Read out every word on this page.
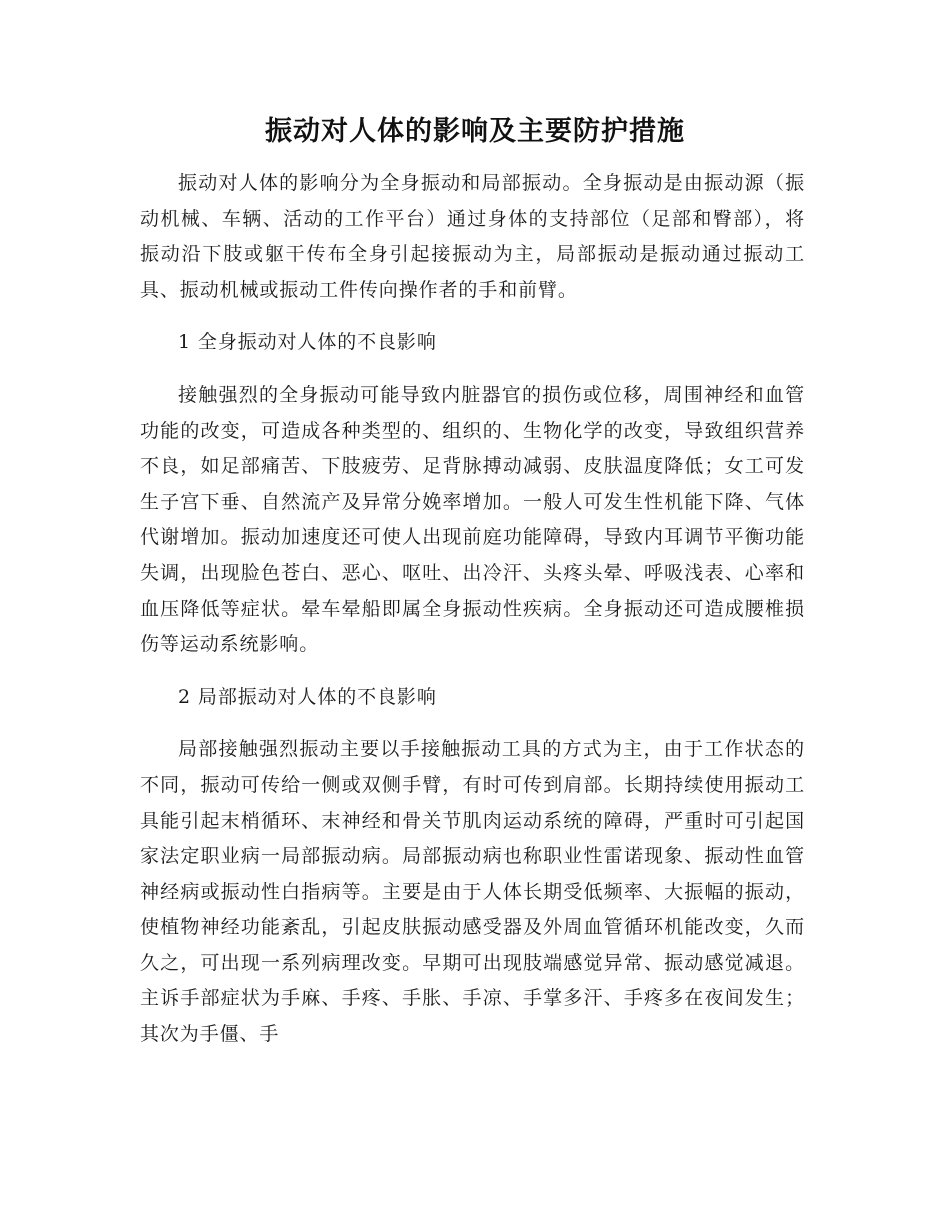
振动对人体的影响及主要防护措施

振动对人体的影响分为全身振动和局部振动。全身振动是由振动源（振动机械、车辆、活动的工作平台）通过身体的支持部位（足部和臀部），将振动沿下肢或躯干传布全身引起接振动为主，局部振动是振动通过振动工具、振动机械或振动工件传向操作者的手和前臂。

1 全身振动对人体的不良影响

接触强烈的全身振动可能导致内脏器官的损伤或位移，周围神经和血管功能的改变，可造成各种类型的、组织的、生物化学的改变，导致组织营养不良，如足部痛苦、下肢疲劳、足背脉搏动减弱、皮肤温度降低；女工可发生子宫下垂、自然流产及异常分娩率增加。一般人可发生性机能下降、气体代谢增加。振动加速度还可使人出现前庭功能障碍，导致内耳调节平衡功能失调，出现脸色苍白、恶心、呕吐、出冷汗、头疼头晕、呼吸浅表、心率和血压降低等症状。晕车晕船即属全身振动性疾病。全身振动还可造成腰椎损伤等运动系统影响。

2 局部振动对人体的不良影响

局部接触强烈振动主要以手接触振动工具的方式为主，由于工作状态的不同，振动可传给一侧或双侧手臂，有时可传到肩部。长期持续使用振动工具能引起末梢循环、末神经和骨关节肌肉运动系统的障碍，严重时可引起国家法定职业病一局部振动病。局部振动病也称职业性雷诺现象、振动性血管神经病或振动性白指病等。主要是由于人体长期受低频率、大振幅的振动，使植物神经功能紊乱，引起皮肤振动感受器及外周血管循环机能改变，久而久之，可出现一系列病理改变。早期可出现肢端感觉异常、振动感觉减退。主诉手部症状为手麻、手疼、手胀、手凉、手掌多汗、手疼多在夜间发生；其次为手僵、手
